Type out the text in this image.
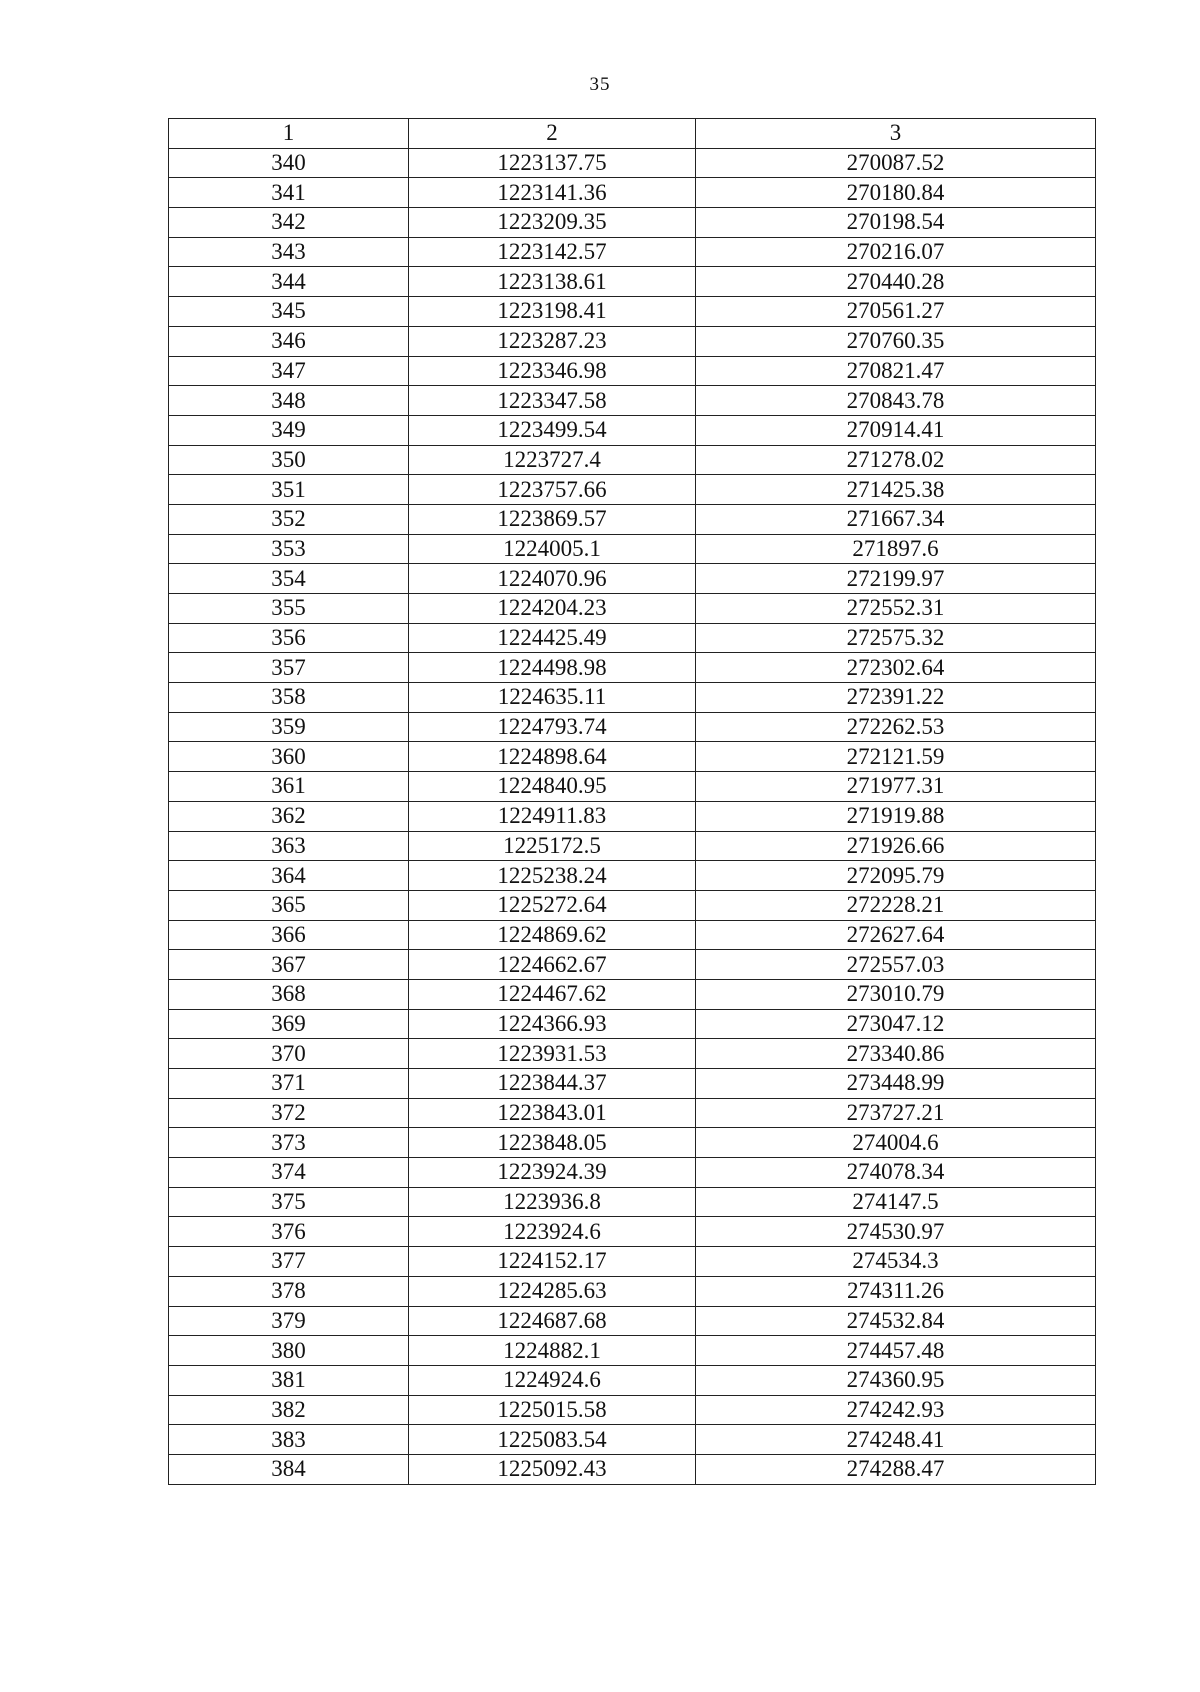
35
1	2	3
340	1223137.75	270087.52
341	1223141.36	270180.84
342	1223209.35	270198.54
343	1223142.57	270216.07
344	1223138.61	270440.28
345	1223198.41	270561.27
346	1223287.23	270760.35
347	1223346.98	270821.47
348	1223347.58	270843.78
349	1223499.54	270914.41
350	1223727.4	271278.02
351	1223757.66	271425.38
352	1223869.57	271667.34
353	1224005.1	271897.6
354	1224070.96	272199.97
355	1224204.23	272552.31
356	1224425.49	272575.32
357	1224498.98	272302.64
358	1224635.11	272391.22
359	1224793.74	272262.53
360	1224898.64	272121.59
361	1224840.95	271977.31
362	1224911.83	271919.88
363	1225172.5	271926.66
364	1225238.24	272095.79
365	1225272.64	272228.21
366	1224869.62	272627.64
367	1224662.67	272557.03
368	1224467.62	273010.79
369	1224366.93	273047.12
370	1223931.53	273340.86
371	1223844.37	273448.99
372	1223843.01	273727.21
373	1223848.05	274004.6
374	1223924.39	274078.34
375	1223936.8	274147.5
376	1223924.6	274530.97
377	1224152.17	274534.3
378	1224285.63	274311.26
379	1224687.68	274532.84
380	1224882.1	274457.48
381	1224924.6	274360.95
382	1225015.58	274242.93
383	1225083.54	274248.41
384	1225092.43	274288.47
